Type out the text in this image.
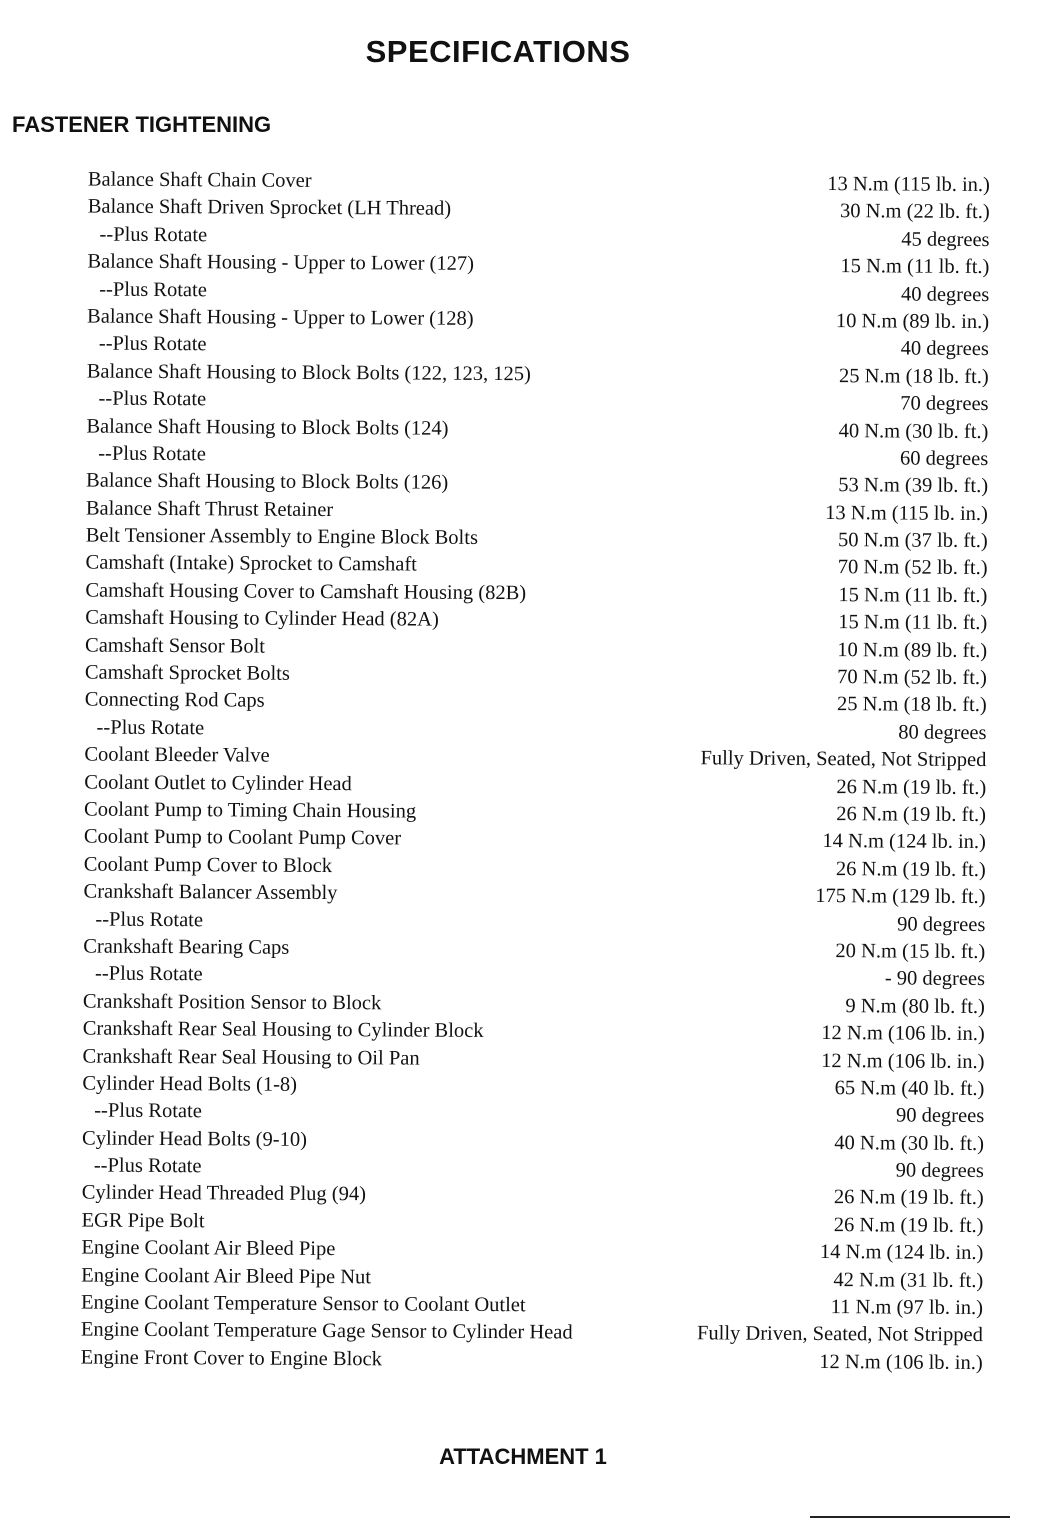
SPECIFICATIONS
FASTENER TIGHTENING
Balance Shaft Chain Cover	13 N.m (115 lb. in.)
Balance Shaft Driven Sprocket (LH Thread)	30 N.m (22 lb. ft.)
--Plus Rotate	45 degrees
Balance Shaft Housing - Upper to Lower (127)	15 N.m (11 lb. ft.)
--Plus Rotate	40 degrees
Balance Shaft Housing - Upper to Lower (128)	10 N.m (89 lb. in.)
--Plus Rotate	40 degrees
Balance Shaft Housing to Block Bolts (122, 123, 125)	25 N.m (18 lb. ft.)
--Plus Rotate	70 degrees
Balance Shaft Housing to Block Bolts (124)	40 N.m (30 lb. ft.)
--Plus Rotate	60 degrees
Balance Shaft Housing to Block Bolts (126)	53 N.m (39 lb. ft.)
Balance Shaft Thrust Retainer	13 N.m (115 lb. in.)
Belt Tensioner Assembly to Engine Block Bolts	50 N.m (37 lb. ft.)
Camshaft (Intake) Sprocket to Camshaft	70 N.m (52 lb. ft.)
Camshaft Housing Cover to Camshaft Housing (82B)	15 N.m (11 lb. ft.)
Camshaft Housing to Cylinder Head (82A)	15 N.m (11 lb. ft.)
Camshaft Sensor Bolt	10 N.m (89 lb. ft.)
Camshaft Sprocket Bolts	70 N.m (52 lb. ft.)
Connecting Rod Caps	25 N.m (18 lb. ft.)
--Plus Rotate	80 degrees
Coolant Bleeder Valve	Fully Driven, Seated, Not Stripped
Coolant Outlet to Cylinder Head	26 N.m (19 lb. ft.)
Coolant Pump to Timing Chain Housing	26 N.m (19 lb. ft.)
Coolant Pump to Coolant Pump Cover	14 N.m (124 lb. in.)
Coolant Pump Cover to Block	26 N.m (19 lb. ft.)
Crankshaft Balancer Assembly	175 N.m (129 lb. ft.)
--Plus Rotate	90 degrees
Crankshaft Bearing Caps	20 N.m (15 lb. ft.)
--Plus Rotate	- 90 degrees
Crankshaft Position Sensor to Block	9 N.m (80 lb. ft.)
Crankshaft Rear Seal Housing to Cylinder Block	12 N.m (106 lb. in.)
Crankshaft Rear Seal Housing to Oil Pan	12 N.m (106 lb. in.)
Cylinder Head Bolts (1-8)	65 N.m (40 lb. ft.)
--Plus Rotate	90 degrees
Cylinder Head Bolts (9-10)	40 N.m (30 lb. ft.)
--Plus Rotate	90 degrees
Cylinder Head Threaded Plug (94)	26 N.m (19 lb. ft.)
EGR Pipe Bolt	26 N.m (19 lb. ft.)
Engine Coolant Air Bleed Pipe	14 N.m (124 lb. in.)
Engine Coolant Air Bleed Pipe Nut	42 N.m (31 lb. ft.)
Engine Coolant Temperature Sensor to Coolant Outlet	11 N.m (97 lb. in.)
Engine Coolant Temperature Gage Sensor to Cylinder Head	Fully Driven, Seated, Not Stripped
Engine Front Cover to Engine Block	12 N.m (106 lb. in.)
ATTACHMENT 1
